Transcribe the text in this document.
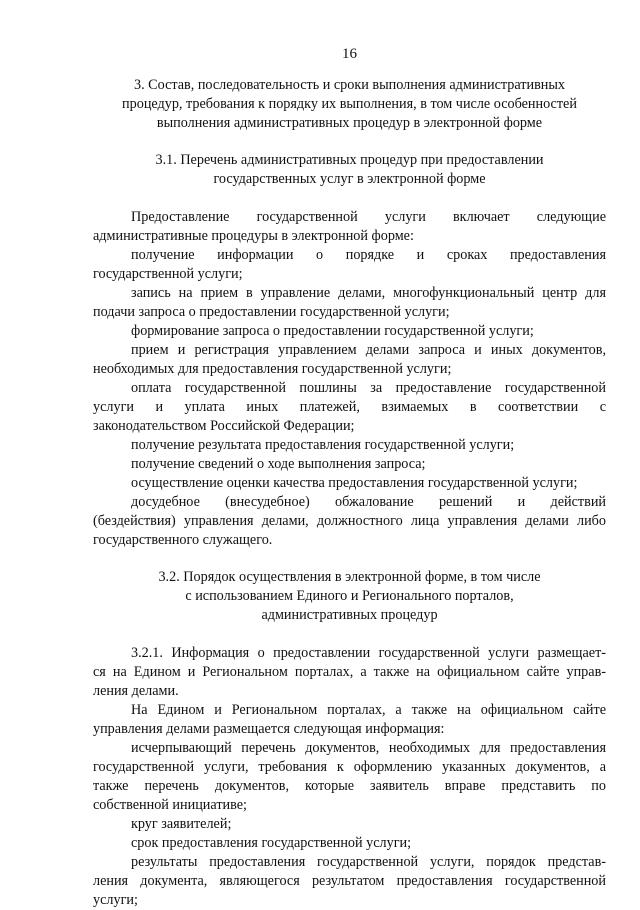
16
3. Состав, последовательность и сроки выполнения административных
процедур, требования к порядку их выполнения, в том числе особенностей
выполнения административных процедур в электронной форме
3.1. Перечень административных процедур при предоставлении
государственных услуг в электронной форме
Предоставление государственной услуги включает следующие
административные процедуры в электронной форме:
получение информации о порядке и сроках предоставления
государственной услуги;
запись на прием в управление делами, многофункциональный центр для
подачи запроса о предоставлении государственной услуги;
формирование запроса о предоставлении государственной услуги;
прием и регистрация управлением делами запроса и иных документов,
необходимых для предоставления государственной услуги;
оплата государственной пошлины за предоставление государственной
услуги и уплата иных платежей, взимаемых в соответствии с
законодательством Российской Федерации;
получение результата предоставления государственной услуги;
получение сведений о ходе выполнения запроса;
осуществление оценки качества предоставления государственной услуги;
досудебное (внесудебное) обжалование решений и действий
(бездействия) управления делами, должностного лица управления делами либо
государственного служащего.
3.2. Порядок осуществления в электронной форме, в том числе
с использованием Единого и Регионального порталов,
административных процедур
3.2.1. Информация о предоставлении государственной услуги размещает-
ся на Едином и Региональном порталах, а также на официальном сайте управ-
ления делами.
На Едином и Региональном порталах, а также на официальном сайте
управления делами размещается следующая информация:
исчерпывающий перечень документов, необходимых для предоставления
государственной услуги, требования к оформлению указанных документов, а
также перечень документов, которые заявитель вправе представить по
собственной инициативе;
круг заявителей;
срок предоставления государственной услуги;
результаты предоставления государственной услуги, порядок представ-
ления документа, являющегося результатом предоставления государственной
услуги;
